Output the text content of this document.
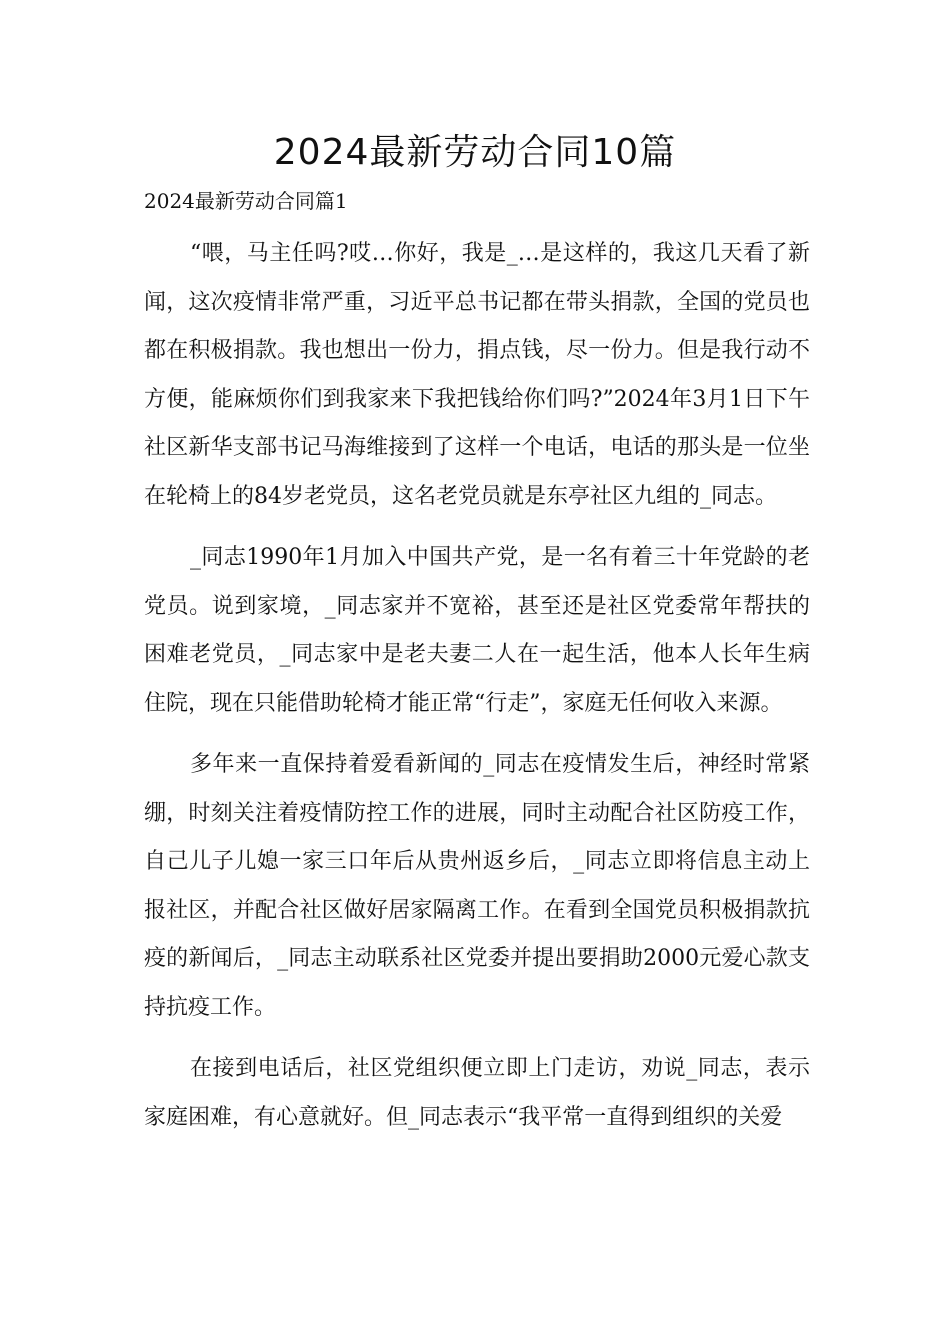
2024最新劳动合同10篇
2024最新劳动合同篇1

“喂，马主任吗?哎…你好，我是_…是这样的，我这几天看了新闻，这次疫情非常严重，习近平总书记都在带头捐款，全国的党员也都在积极捐款。我也想出一份力，捐点钱，尽一份力。但是我行动不方便，能麻烦你们到我家来下我把钱给你们吗?”2024年3月1日下午社区新华支部书记马海维接到了这样一个电话，电话的那头是一位坐在轮椅上的84岁老党员，这名老党员就是东亭社区九组的_同志。

_同志1990年1月加入中国共产党，是一名有着三十年党龄的老党员。说到家境，_同志家并不宽裕，甚至还是社区党委常年帮扶的困难老党员，_同志家中是老夫妻二人在一起生活，他本人长年生病住院，现在只能借助轮椅才能正常“行走”，家庭无任何收入来源。

多年来一直保持着爱看新闻的_同志在疫情发生后，神经时常紧绷，时刻关注着疫情防控工作的进展，同时主动配合社区防疫工作，自己儿子儿媳一家三口年后从贵州返乡后，_同志立即将信息主动上报社区，并配合社区做好居家隔离工作。在看到全国党员积极捐款抗疫的新闻后，_同志主动联系社区党委并提出要捐助2000元爱心款支持抗疫工作。

在接到电话后，社区党组织便立即上门走访，劝说_同志，表示家庭困难，有心意就好。但_同志表示“我平常一直得到组织的关爱
